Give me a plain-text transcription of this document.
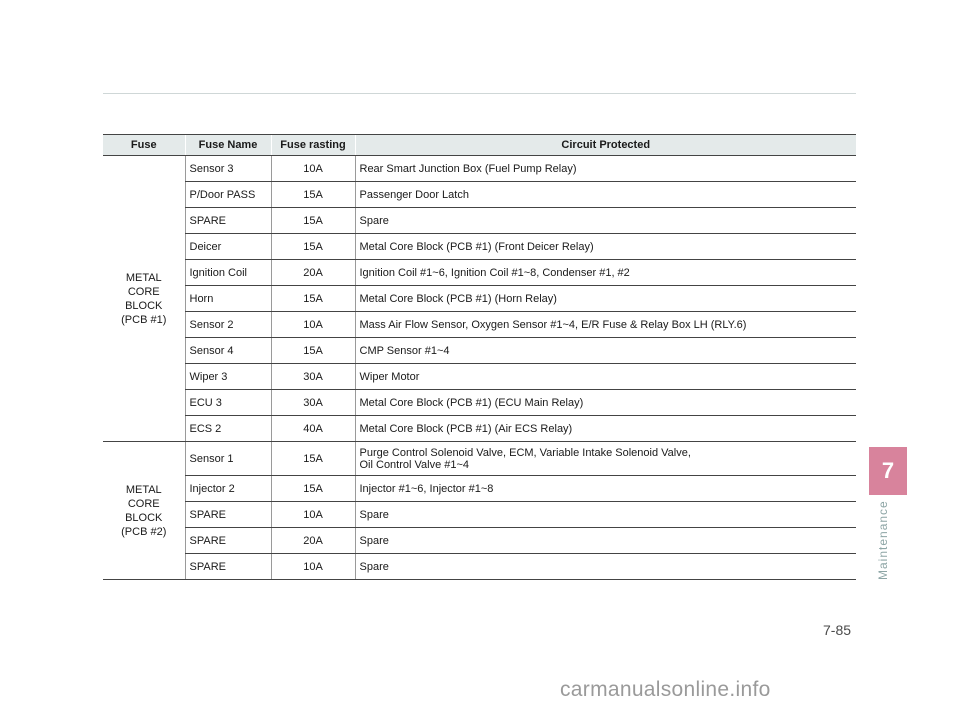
Fuse	Fuse Name	Fuse rasting	Circuit Protected

METAL
CORE
BLOCK
(PCB #1)	Sensor 3	10A	Rear Smart Junction Box (Fuel Pump Relay)
	P/Door PASS	15A	Passenger Door Latch
	SPARE	15A	Spare
	Deicer	15A	Metal Core Block (PCB #1) (Front Deicer Relay)
	Ignition Coil	20A	Ignition Coil #1~6, Ignition Coil #1~8, Condenser #1, #2
	Horn	15A	Metal Core Block (PCB #1) (Horn Relay)
	Sensor 2	10A	Mass Air Flow Sensor, Oxygen Sensor #1~4, E/R Fuse & Relay Box LH (RLY.6)
	Sensor 4	15A	CMP Sensor #1~4
	Wiper 3	30A	Wiper Motor
	ECU 3	30A	Metal Core Block (PCB #1) (ECU Main Relay)
	ECS 2	40A	Metal Core Block (PCB #1) (Air ECS Relay)

METAL
CORE
BLOCK
(PCB #2)	Sensor 1	15A	Purge Control Solenoid Valve, ECM, Variable Intake Solenoid Valve,
Oil Control Valve #1~4

	Injector 2	15A	Injector #1~6, Injector #1~8
	SPARE	10A	Spare
	SPARE	20A	Spare
	SPARE	10A	Spare
7
Maintenance
7-85
carmanualsonline.info
